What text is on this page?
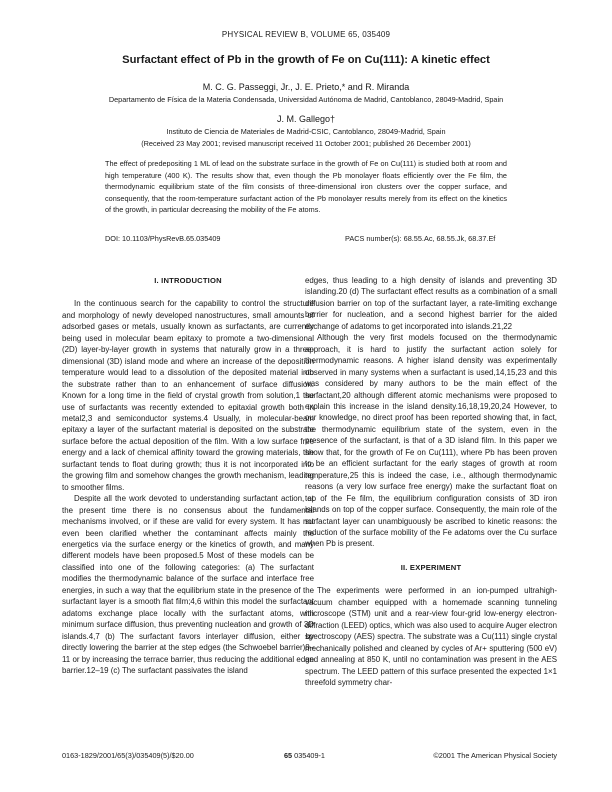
PHYSICAL REVIEW B, VOLUME 65, 035409
Surfactant effect of Pb in the growth of Fe on Cu(111): A kinetic effect
M. C. G. Passeggi, Jr., J. E. Prieto,* and R. Miranda
Departamento de Física de la Materia Condensada, Universidad Autónoma de Madrid, Cantoblanco, 28049-Madrid, Spain
J. M. Gallego†
Instituto de Ciencia de Materiales de Madrid-CSIC, Cantoblanco, 28049-Madrid, Spain
(Received 23 May 2001; revised manuscript received 11 October 2001; published 26 December 2001)

The effect of predepositing 1 ML of lead on the substrate surface in the growth of Fe on Cu(111) is studied both at room and high temperature (400 K). The results show that, even though the Pb monolayer floats efficiently over the Fe film, the thermodynamic equilibrium state of the film consists of three-dimensional iron clusters over the copper surface, and consequently, that the room-temperature surfactant action of the Pb monolayer results merely from its effect on the kinetics of the growth, in particular decreasing the mobility of the Fe atoms.

DOI: 10.1103/PhysRevB.65.035409	PACS number(s): 68.55.Ac, 68.55.Jk, 68.37.Ef

I. INTRODUCTION

In the continuous search for the capability to control the structure and morphology of newly developed nanostructures, small amounts of adsorbed gases or metals, usually known as surfactants, are currently being used in molecular beam epitaxy to promote a two-dimensional (2D) layer-by-layer growth in systems that naturally grow in a three-dimensional (3D) island mode and where an increase of the deposition temperature would lead to a dissolution of the deposited material into the substrate rather than to an enhancement of surface diffusion. Known for a long time in the field of crystal growth from solution,1 the use of surfactants was recently extended to epitaxial growth both in metal2,3 and semiconductor systems.4 Usually, in molecular-beam epitaxy a layer of the surfactant material is deposited on the substrate surface before the actual deposition of the film. With a low surface free energy and a lack of chemical affinity toward the growing materials, the surfactant tends to float during growth; thus it is not incorporated into the growing film and somehow changes the growth mechanism, leading to smoother films.

Despite all the work devoted to understanding surfactant action, at the present time there is no consensus about the fundamental mechanisms involved, or if these are valid for every system. It has not even been clarified whether the contaminant affects mainly the energetics via the surface energy or the kinetics of growth, and many different models have been proposed.5 Most of these models can be classified into one of the following categories: (a) The surfactant modifies the thermodynamic balance of the surface and interface free energies, in such a way that the equilibrium state in the presence of the surfactant layer is a smooth flat film;4,6 within this model the surfactant adatoms exchange place locally with the surfactant atoms, with minimum surface diffusion, thus preventing nucleation and growth of 3D islands.4,7 (b) The surfactant favors interlayer diffusion, either by directly lowering the barrier at the step edges (the Schwoebel barrier)8–11 or by increasing the terrace barrier, thus reducing the additional edge barrier.12–19 (c) The surfactant passivates the island

edges, thus leading to a high density of islands and preventing 3D islanding.20 (d) The surfactant effect results as a combination of a small diffusion barrier on top of the surfactant layer, a rate-limiting exchange barrier for nucleation, and a second highest barrier for the aided exchange of adatoms to get incorporated into islands.21,22

Although the very first models focused on the thermodynamic approach, it is hard to justify the surfactant action solely for thermodynamic reasons. A higher island density was experimentally observed in many systems when a surfactant is used,14,15,23 and this was considered by many authors to be the main effect of the surfactant,20 although different atomic mechanisms were proposed to explain this increase in the island density.16,18,19,20,24 However, to our knowledge, no direct proof has been reported showing that, in fact, the thermodynamic equilibrium state of the system, even in the presence of the surfactant, is that of a 3D island film. In this paper we show that, for the growth of Fe on Cu(111), where Pb has been proven to be an efficient surfactant for the early stages of growth at room temperature,25 this is indeed the case, i.e., although thermodynamic reasons (a very low surface free energy) make the surfactant float on top of the Fe film, the equilibrium configuration consists of 3D iron islands on top of the copper surface. Consequently, the main role of the surfactant layer can unambiguously be ascribed to kinetic reasons: the reduction of the surface mobility of the Fe adatoms over the Cu surface when Pb is present.

II. EXPERIMENT

The experiments were performed in an ion-pumped ultrahigh-vacuum chamber equipped with a homemade scanning tunneling microscope (STM) unit and a rear-view four-grid low-energy electron-diffraction (LEED) optics, which was also used to acquire Auger electron spectroscopy (AES) spectra. The substrate was a Cu(111) single crystal mechanically polished and cleaned by cycles of Ar+ sputtering (500 eV) and annealing at 850 K, until no contamination was present in the AES spectrum. The LEED pattern of this surface presented the expected 1×1 threefold symmetry char-

0163-1829/2001/65(3)/035409(5)/$20.00	65 035409-1	©2001 The American Physical Society
